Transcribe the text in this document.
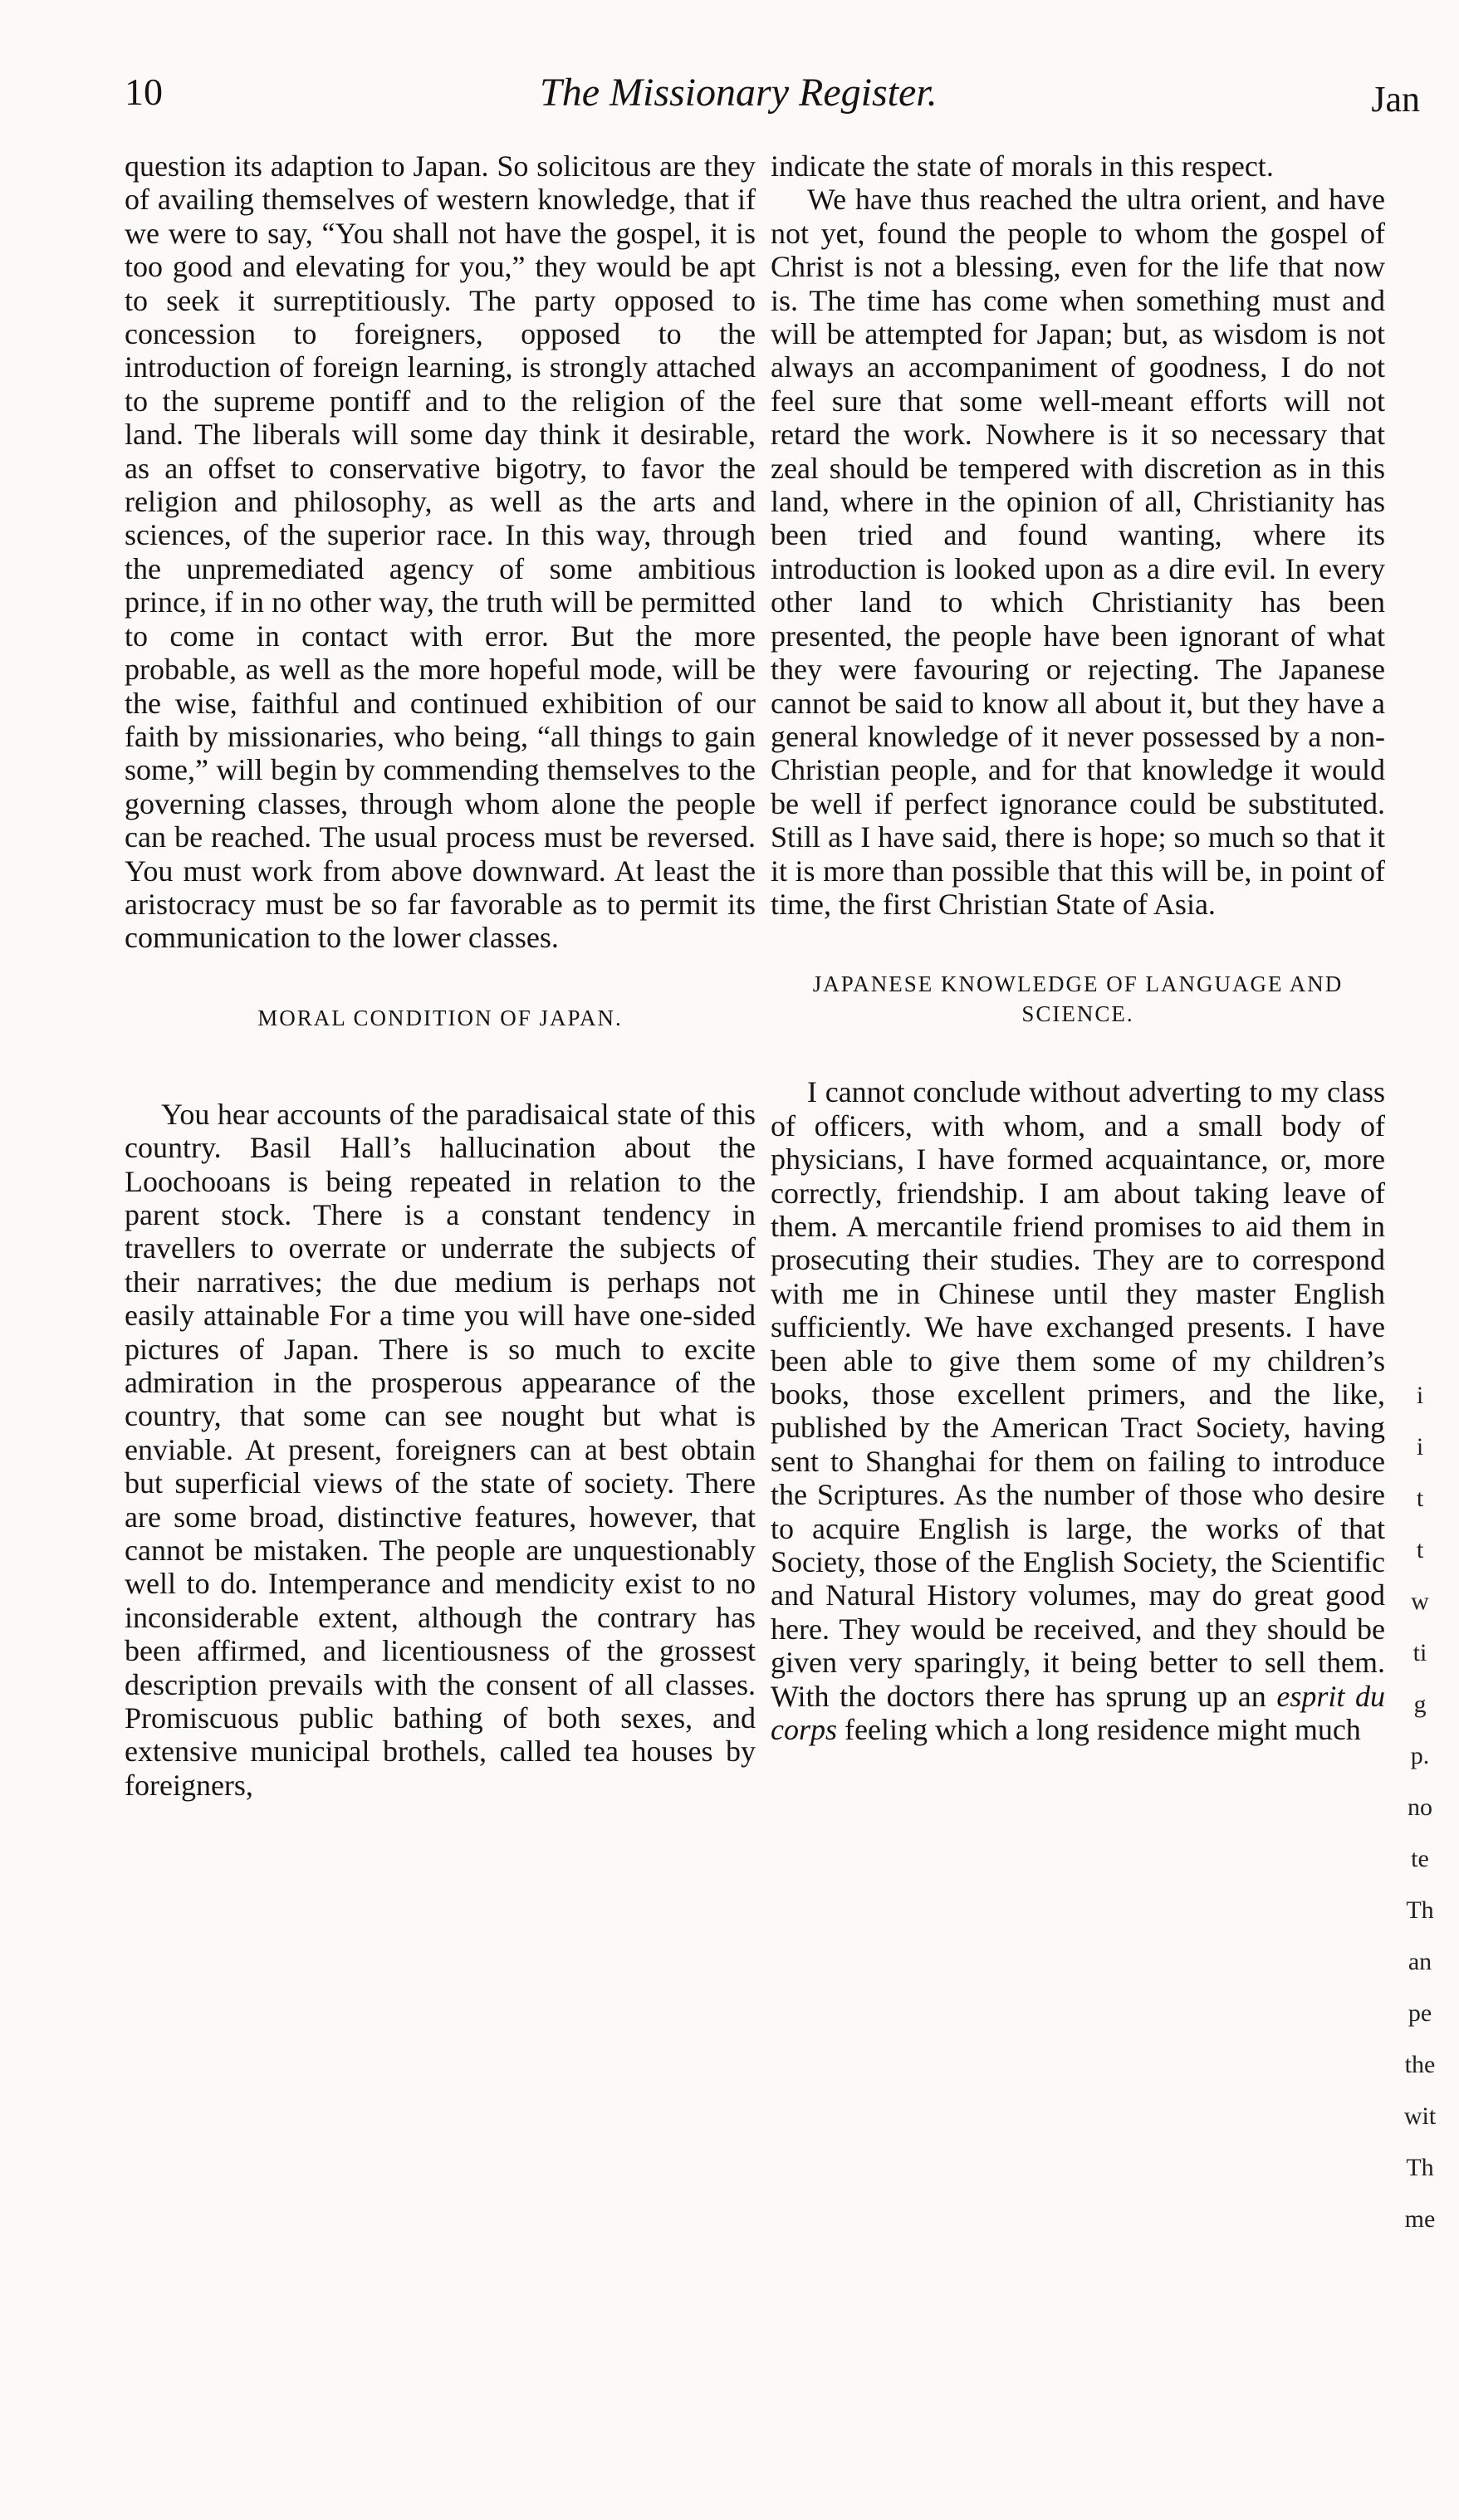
10	The Missionary Register.	Jan

question its adaption to Japan. So solicitous are they of availing themselves of western knowledge, that if we were to say, “You shall not have the gospel, it is too good and elevating for you,” they would be apt to seek it surreptitiously. The party opposed to concession to foreigners, opposed to the introduction of foreign learning, is strongly attached to the supreme pontiff and to the religion of the land. The liberals will some day think it desirable, as an offset to conservative bigotry, to favor the religion and philosophy, as well as the arts and sciences, of the superior race. In this way, through the unpremediated agency of some ambitious prince, if in no other way, the truth will be permitted to come in contact with error. But the more probable, as well as the more hopeful mode, will be the wise, faithful and continued exhibition of our faith by missionaries, who being, “all things to gain some,” will begin by commending themselves to the governing classes, through whom alone the people can be reached. The usual process must be reversed. You must work from above downward. At least the aristocracy must be so far favorable as to permit its communication to the lower classes.

MORAL CONDITION OF JAPAN.

You hear accounts of the paradisaical state of this country. Basil Hall’s hallucination about the Loochooans is being repeated in relation to the parent stock. There is a constant tendency in travellers to overrate or underrate the subjects of their narratives; the due medium is perhaps not easily attainable For a time you will have one-sided pictures of Japan. There is so much to excite admiration in the prosperous appearance of the country, that some can see nought but what is enviable. At present, foreigners can at best obtain but superficial views of the state of society. There are some broad, distinctive features, however, that cannot be mistaken. The people are unquestionably well to do. Intemperance and mendicity exist to no inconsiderable extent, although the contrary has been affirmed, and licentiousness of the grossest description prevails with the consent of all classes. Promiscuous public bathing of both sexes, and extensive municipal brothels, called tea houses by foreigners,

indicate the state of morals in this respect.

We have thus reached the ultra orient, and have not yet, found the people to whom the gospel of Christ is not a blessing, even for the life that now is. The time has come when something must and will be attempted for Japan; but, as wisdom is not always an accompaniment of goodness, I do not feel sure that some well-meant efforts will not retard the work. Nowhere is it so necessary that zeal should be tempered with discretion as in this land, where in the opinion of all, Christianity has been tried and found wanting, where its introduction is looked upon as a dire evil. In every other land to which Christianity has been presented, the people have been ignorant of what they were favouring or rejecting. The Japanese cannot be said to know all about it, but they have a general knowledge of it never possessed by a non-Christian people, and for that knowledge it would be well if perfect ignorance could be substituted. Still as I have said, there is hope; so much so that it it is more than possible that this will be, in point of time, the first Christian State of Asia.

JAPANESE KNOWLEDGE OF LANGUAGE AND SCIENCE.

I cannot conclude without adverting to my class of officers, with whom, and a small body of physicians, I have formed acquaintance, or, more correctly, friendship. I am about taking leave of them. A mercantile friend promises to aid them in prosecuting their studies. They are to correspond with me in Chinese until they master English sufficiently. We have exchanged presents. I have been able to give them some of my children’s books, those excellent primers, and the like, published by the American Tract Society, having sent to Shanghai for them on failing to introduce the Scriptures. As the number of those who desire to acquire English is large, the works of that Society, those of the English Society, the Scientific and Natural History volumes, may do great good here. They would be received, and they should be given very sparingly, it being better to sell them. With the doctors there has sprung up an esprit du corps feeling which a long residence might much

i
i
t
t
w
ti
g
p.
no
te
Th
an
pe
the
wit
Th
me
